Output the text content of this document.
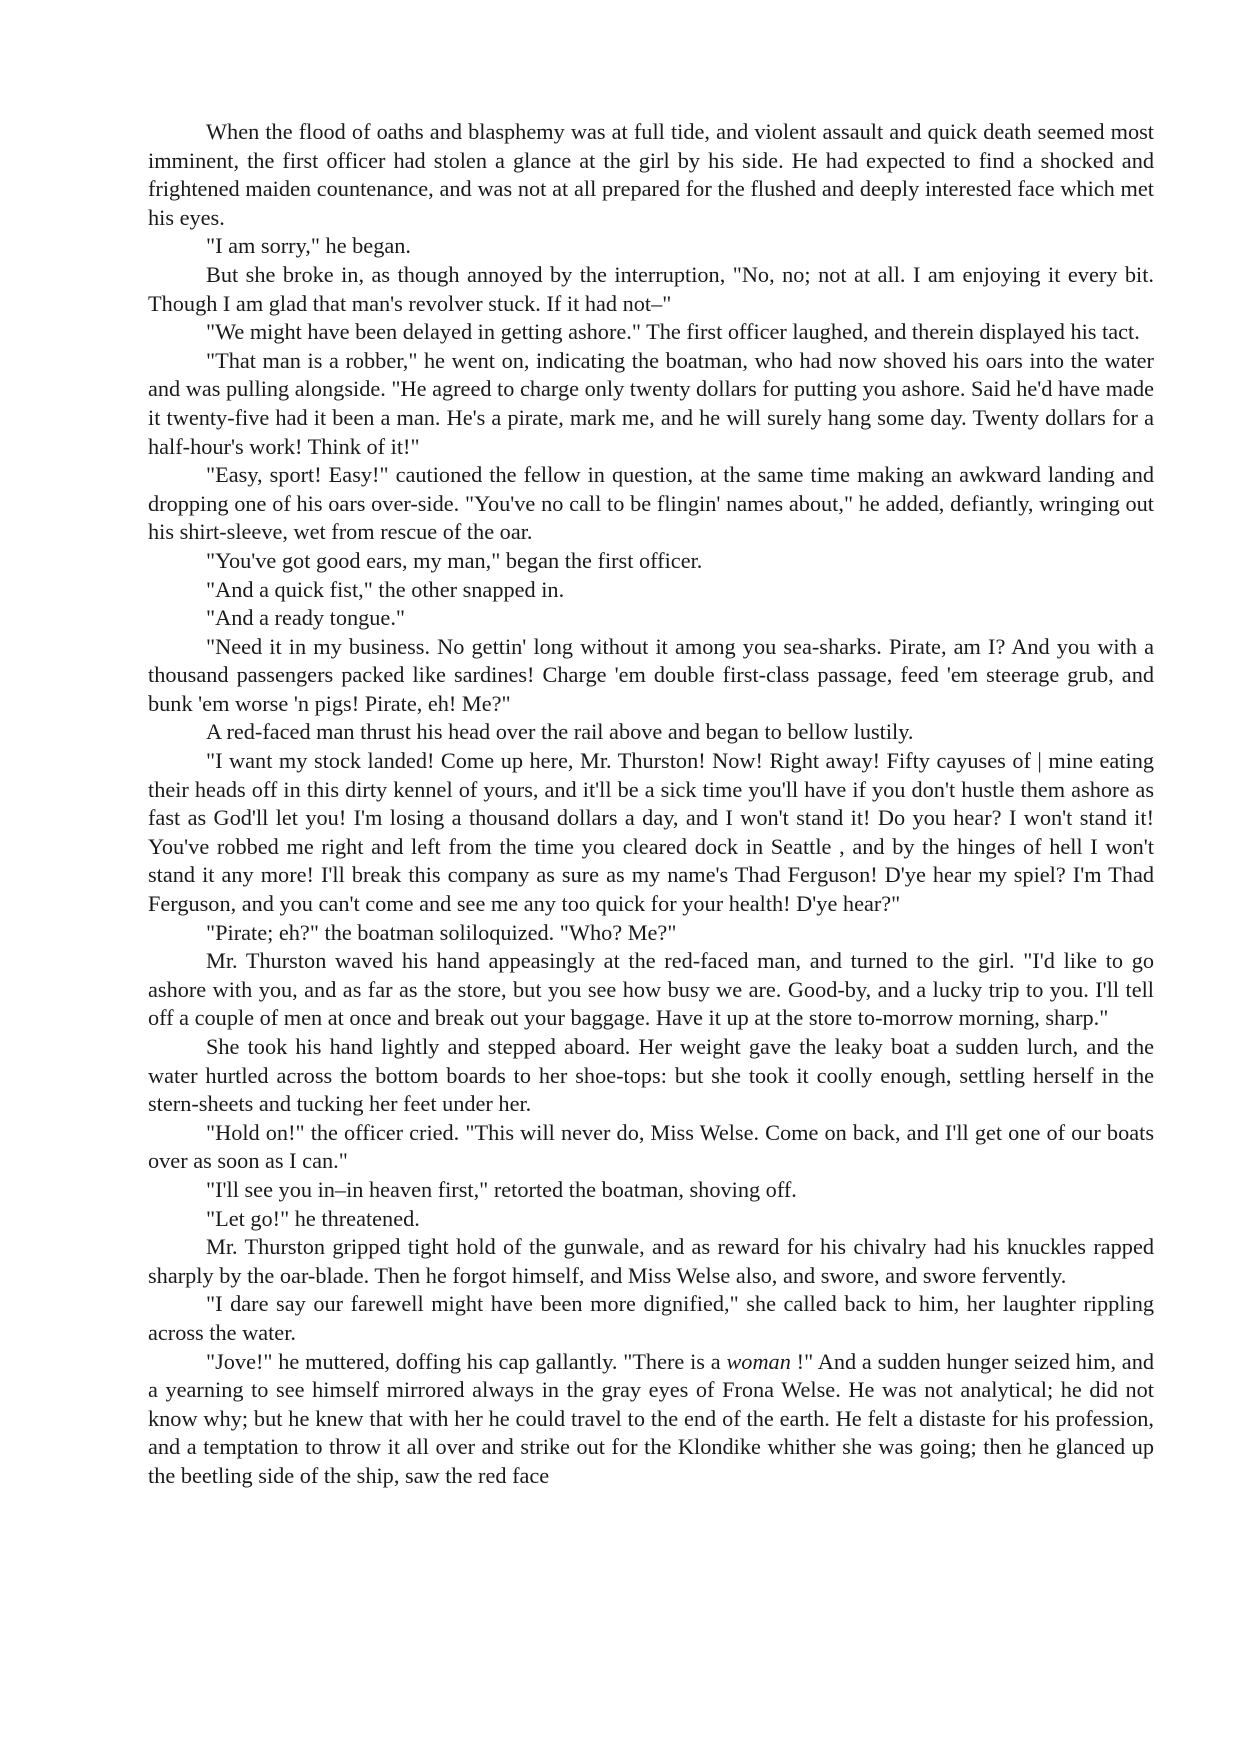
When the flood of oaths and blasphemy was at full tide, and violent assault and quick death seemed most imminent, the first officer had stolen a glance at the girl by his side. He had expected to find a shocked and frightened maiden countenance, and was not at all prepared for the flushed and deeply interested face which met his eyes.

"I am sorry," he began.

But she broke in, as though annoyed by the interruption, "No, no; not at all. I am enjoying it every bit. Though I am glad that man's revolver stuck. If it had not–"

"We might have been delayed in getting ashore." The first officer laughed, and therein displayed his tact.

"That man is a robber," he went on, indicating the boatman, who had now shoved his oars into the water and was pulling alongside. "He agreed to charge only twenty dollars for putting you ashore. Said he'd have made it twenty-five had it been a man. He's a pirate, mark me, and he will surely hang some day. Twenty dollars for a half-hour's work! Think of it!"

"Easy, sport! Easy!" cautioned the fellow in question, at the same time making an awkward landing and dropping one of his oars over-side. "You've no call to be flingin' names about," he added, defiantly, wringing out his shirt-sleeve, wet from rescue of the oar.

"You've got good ears, my man," began the first officer.

"And a quick fist," the other snapped in.

"And a ready tongue."

"Need it in my business. No gettin' long without it among you sea-sharks. Pirate, am I? And you with a thousand passengers packed like sardines! Charge 'em double first-class passage, feed 'em steerage grub, and bunk 'em worse 'n pigs! Pirate, eh! Me?"

A red-faced man thrust his head over the rail above and began to bellow lustily.

"I want my stock landed! Come up here, Mr. Thurston! Now! Right away! Fifty cayuses of | mine eating their heads off in this dirty kennel of yours, and it'll be a sick time you'll have if you don't hustle them ashore as fast as God'll let you! I'm losing a thousand dollars a day, and I won't stand it! Do you hear? I won't stand it! You've robbed me right and left from the time you cleared dock in Seattle , and by the hinges of hell I won't stand it any more! I'll break this company as sure as my name's Thad Ferguson! D'ye hear my spiel? I'm Thad Ferguson, and you can't come and see me any too quick for your health! D'ye hear?"

"Pirate; eh?" the boatman soliloquized. "Who? Me?"

Mr. Thurston waved his hand appeasingly at the red-faced man, and turned to the girl. "I'd like to go ashore with you, and as far as the store, but you see how busy we are. Good-by, and a lucky trip to you. I'll tell off a couple of men at once and break out your baggage. Have it up at the store to-morrow morning, sharp."

She took his hand lightly and stepped aboard. Her weight gave the leaky boat a sudden lurch, and the water hurtled across the bottom boards to her shoe-tops: but she took it coolly enough, settling herself in the stern-sheets and tucking her feet under her.

"Hold on!" the officer cried. "This will never do, Miss Welse. Come on back, and I'll get one of our boats over as soon as I can."

"I'll see you in–in heaven first," retorted the boatman, shoving off.

"Let go!" he threatened.

Mr. Thurston gripped tight hold of the gunwale, and as reward for his chivalry had his knuckles rapped sharply by the oar-blade. Then he forgot himself, and Miss Welse also, and swore, and swore fervently.

"I dare say our farewell might have been more dignified," she called back to him, her laughter rippling across the water.

"Jove!" he muttered, doffing his cap gallantly. "There is a woman !" And a sudden hunger seized him, and a yearning to see himself mirrored always in the gray eyes of Frona Welse. He was not analytical; he did not know why; but he knew that with her he could travel to the end of the earth. He felt a distaste for his profession, and a temptation to throw it all over and strike out for the Klondike whither she was going; then he glanced up the beetling side of the ship, saw the red face
